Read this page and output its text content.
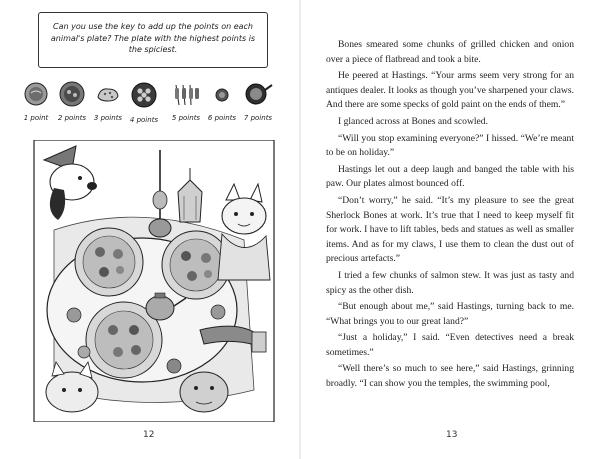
Can you use the key to add up the points on each animal's plate? The plate with the highest points is the spiciest.
1 point	2 points	3 points	4 points	5 points	6 points	7 points
12

Bones smeared some chunks of grilled chicken and onion over a piece of flatbread and took a bite.

He peered at Hastings. “Your arms seem very strong for an antiques dealer. It looks as though you’ve sharpened your claws. And there are some specks of gold paint on the ends of them.”

I glanced across at Bones and scowled.

“Will you stop examining everyone?” I hissed. “We’re meant to be on holiday.”

Hastings let out a deep laugh and banged the table with his paw. Our plates almost bounced off.

“Don’t worry,” he said. “It’s my pleasure to see the great Sherlock Bones at work. It’s true that I need to keep myself fit for work. I have to lift tables, beds and statues as well as smaller items. And as for my claws, I use them to clean the dust out of precious artefacts.”

I tried a few chunks of salmon stew. It was just as tasty and spicy as the other dish.

“But enough about me,” said Hastings, turning back to me. “What brings you to our great land?”

“Just a holiday,” I said. “Even detectives need a break sometimes.”

“Well there’s so much to see here,” said Hastings, grinning broadly. “I can show you the temples, the swimming pool,

13
